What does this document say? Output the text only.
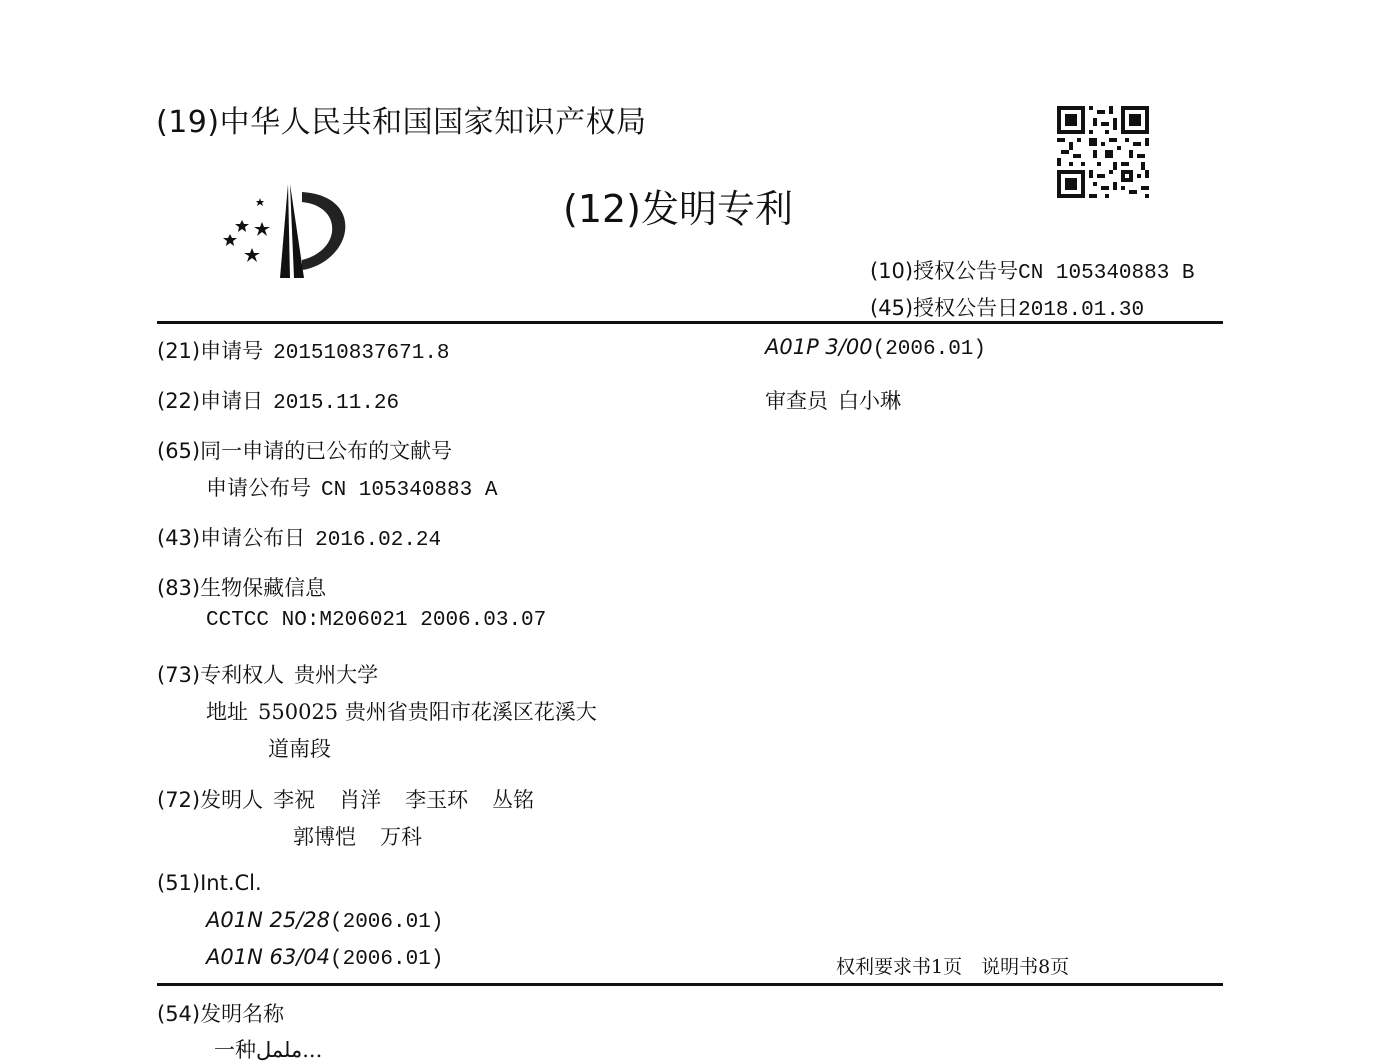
(19)中华人民共和国国家知识产权局
(12)发明专利
(10)授权公告号CN 105340883 B
(45)授权公告日2018.01.30
(21)申请号 201510837671.8
(22)申请日 2015.11.26
(65)同一申请的已公布的文献号
申请公布号 CN 105340883 A
(43)申请公布日 2016.02.24
(83)生物保藏信息
CCTCC NO:M206021 2006.03.07
(73)专利权人 贵州大学
地址 550025 贵州省贵阳市花溪区花溪大
道南段
(72)发明人 李祝 肖洋 李玉环 丛铭
郭博恺 万科
(51)Int.Cl.
A01N 25/28(2006.01)
A01N 63/04(2006.01)
A01P 3/00(2006.01)
审查员 白小琳
权利要求书1页　说明书8页
(54)发明名称
一种ململ...
